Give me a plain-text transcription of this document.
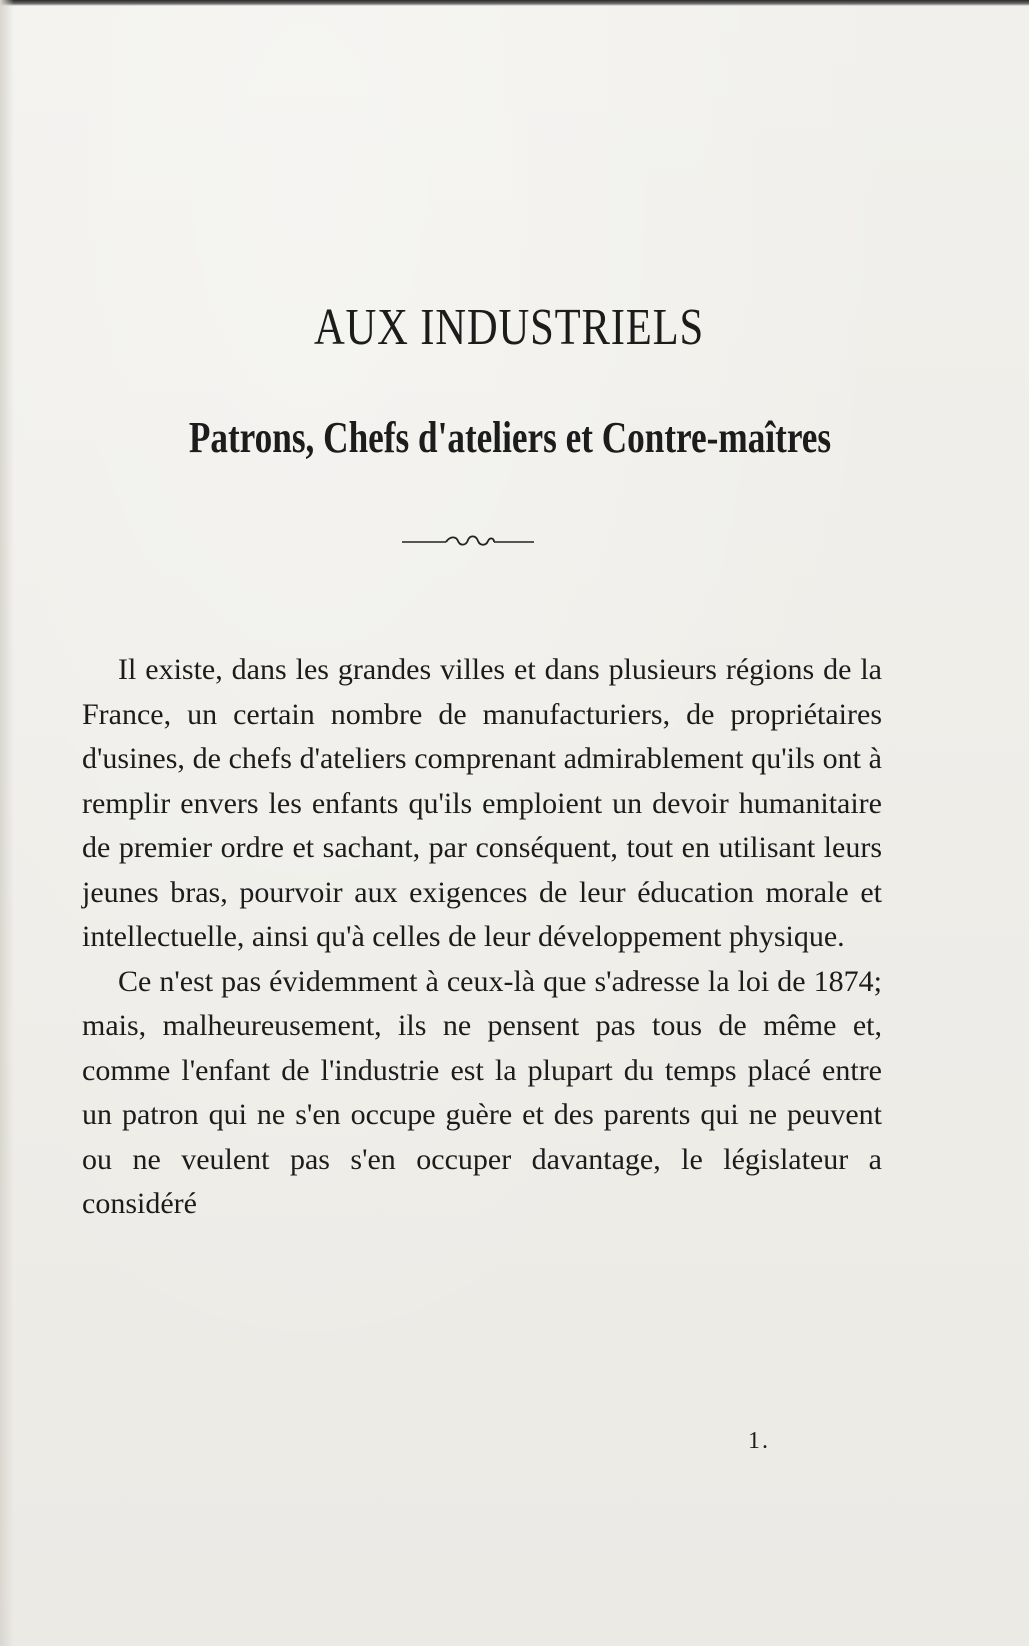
AUX INDUSTRIELS
Patrons, Chefs d'ateliers et Contre-maîtres

Il existe, dans les grandes villes et dans plusieurs régions de la France, un certain nombre de manufacturiers, de propriétaires d'usines, de chefs d'ateliers comprenant admirablement qu'ils ont à remplir envers les enfants qu'ils emploient un devoir humanitaire de premier ordre et sachant, par conséquent, tout en utilisant leurs jeunes bras, pourvoir aux exigences de leur éducation morale et intellectuelle, ainsi qu'à celles de leur développement physique.

Ce n'est pas évidemment à ceux-là que s'adresse la loi de 1874; mais, malheureusement, ils ne pensent pas tous de même et, comme l'enfant de l'industrie est la plupart du temps placé entre un patron qui ne s'en occupe guère et des parents qui ne peuvent ou ne veulent pas s'en occuper davantage, le législateur a considéré

1.
